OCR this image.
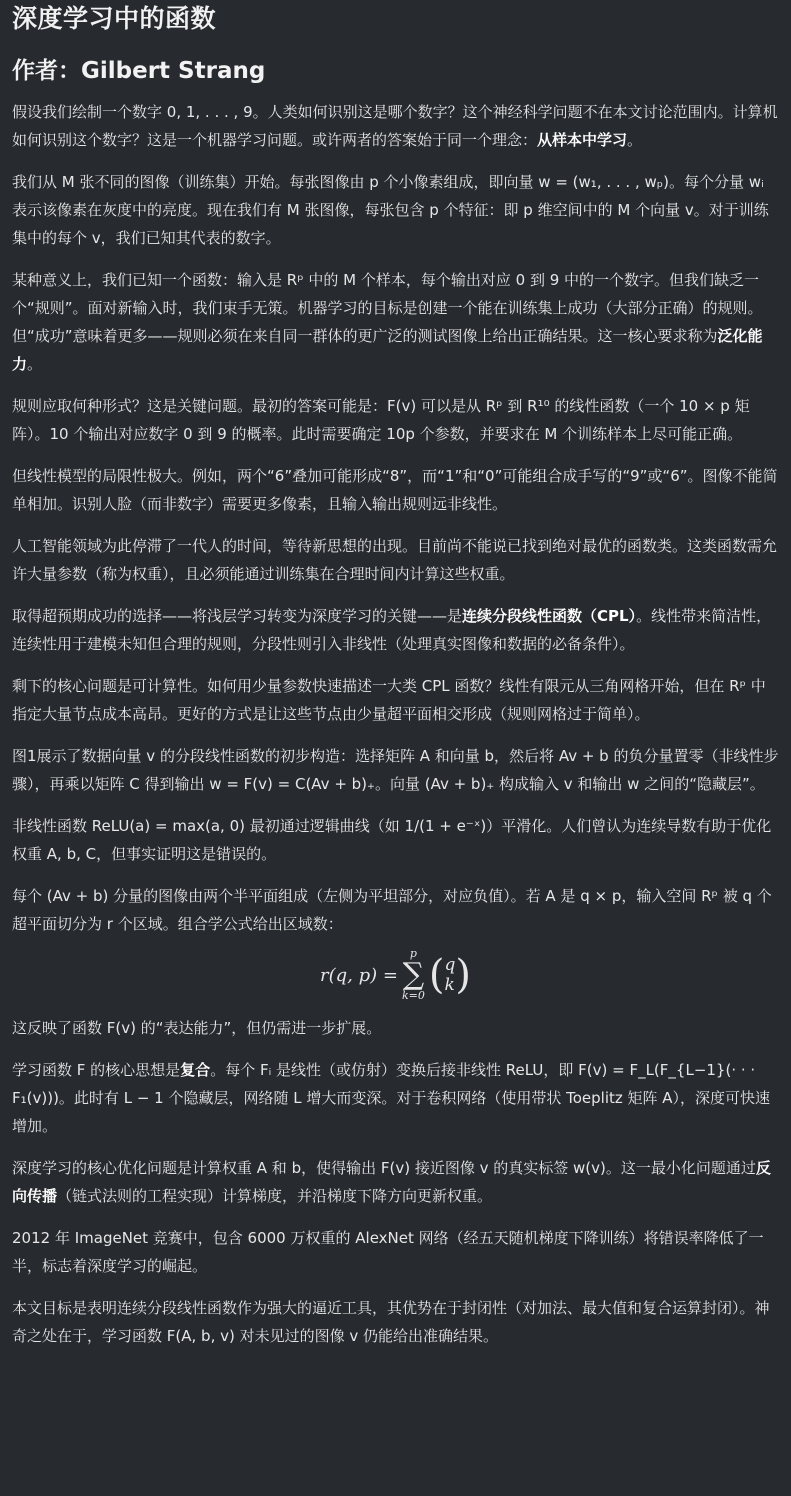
深度学习中的函数
作者：Gilbert Strang

假设我们绘制一个数字 0, 1, . . . , 9。人类如何识别这是哪个数字？这个神经科学问题不在本文讨论范围内。计算机如何识别这个数字？这是一个机器学习问题。或许两者的答案始于同一个理念：从样本中学习。

我们从 M 张不同的图像（训练集）开始。每张图像由 p 个小像素组成，即向量 w = (w₁, . . . , wₚ)。每个分量 wᵢ 表示该像素在灰度中的亮度。现在我们有 M 张图像，每张包含 p 个特征：即 p 维空间中的 M 个向量 v。对于训练集中的每个 v，我们已知其代表的数字。

某种意义上，我们已知一个函数：输入是 Rᵖ 中的 M 个样本，每个输出对应 0 到 9 中的一个数字。但我们缺乏一个“规则”。面对新输入时，我们束手无策。机器学习的目标是创建一个能在训练集上成功（大部分正确）的规则。但“成功”意味着更多——规则必须在来自同一群体的更广泛的测试图像上给出正确结果。这一核心要求称为泛化能力。

规则应取何种形式？这是关键问题。最初的答案可能是：F(v) 可以是从 Rᵖ 到 R¹⁰ 的线性函数（一个 10 × p 矩阵）。10 个输出对应数字 0 到 9 的概率。此时需要确定 10p 个参数，并要求在 M 个训练样本上尽可能正确。

但线性模型的局限性极大。例如，两个“6”叠加可能形成“8”，而“1”和“0”可能组合成手写的“9”或“6”。图像不能简单相加。识别人脸（而非数字）需要更多像素，且输入输出规则远非线性。

人工智能领域为此停滞了一代人的时间，等待新思想的出现。目前尚不能说已找到绝对最优的函数类。这类函数需允许大量参数（称为权重），且必须能通过训练集在合理时间内计算这些权重。

取得超预期成功的选择——将浅层学习转变为深度学习的关键——是连续分段线性函数（CPL）。线性带来简洁性，连续性用于建模未知但合理的规则，分段性则引入非线性（处理真实图像和数据的必备条件）。

剩下的核心问题是可计算性。如何用少量参数快速描述一大类 CPL 函数？线性有限元从三角网格开始，但在 Rᵖ 中指定大量节点成本高昂。更好的方式是让这些节点由少量超平面相交形成（规则网格过于简单）。

图1展示了数据向量 v 的分段线性函数的初步构造：选择矩阵 A 和向量 b，然后将 Av + b 的负分量置零（非线性步骤），再乘以矩阵 C 得到输出 w = F(v) = C(Av + b)₊。向量 (Av + b)₊ 构成输入 v 和输出 w 之间的“隐藏层”。

非线性函数 ReLU(a) = max(a, 0) 最初通过逻辑曲线（如 1/(1 + e⁻ˣ)）平滑化。人们曾认为连续导数有助于优化权重 A, b, C，但事实证明这是错误的。

每个 (Av + b) 分量的图像由两个半平面组成（左侧为平坦部分，对应负值）。若 A 是 q × p，输入空间 Rᵖ 被 q 个超平面切分为 r 个区域。组合学公式给出区域数：

r(q, p) =
p
∑
k=0 ( q
k )

这反映了函数 F(v) 的“表达能力”，但仍需进一步扩展。

学习函数 F 的核心思想是复合。每个 Fᵢ 是线性（或仿射）变换后接非线性 ReLU，即 F(v) = F_L(F_{L−1}(· · · F₁(v)))。此时有 L − 1 个隐藏层，网络随 L 增大而变深。对于卷积网络（使用带状 Toeplitz 矩阵 A），深度可快速增加。

深度学习的核心优化问题是计算权重 A 和 b，使得输出 F(v) 接近图像 v 的真实标签 w(v)。这一最小化问题通过反向传播（链式法则的工程实现）计算梯度，并沿梯度下降方向更新权重。

2012 年 ImageNet 竞赛中，包含 6000 万权重的 AlexNet 网络（经五天随机梯度下降训练）将错误率降低了一半，标志着深度学习的崛起。

本文目标是表明连续分段线性函数作为强大的逼近工具，其优势在于封闭性（对加法、最大值和复合运算封闭）。神奇之处在于，学习函数 F(A, b, v) 对未见过的图像 v 仍能给出准确结果。
